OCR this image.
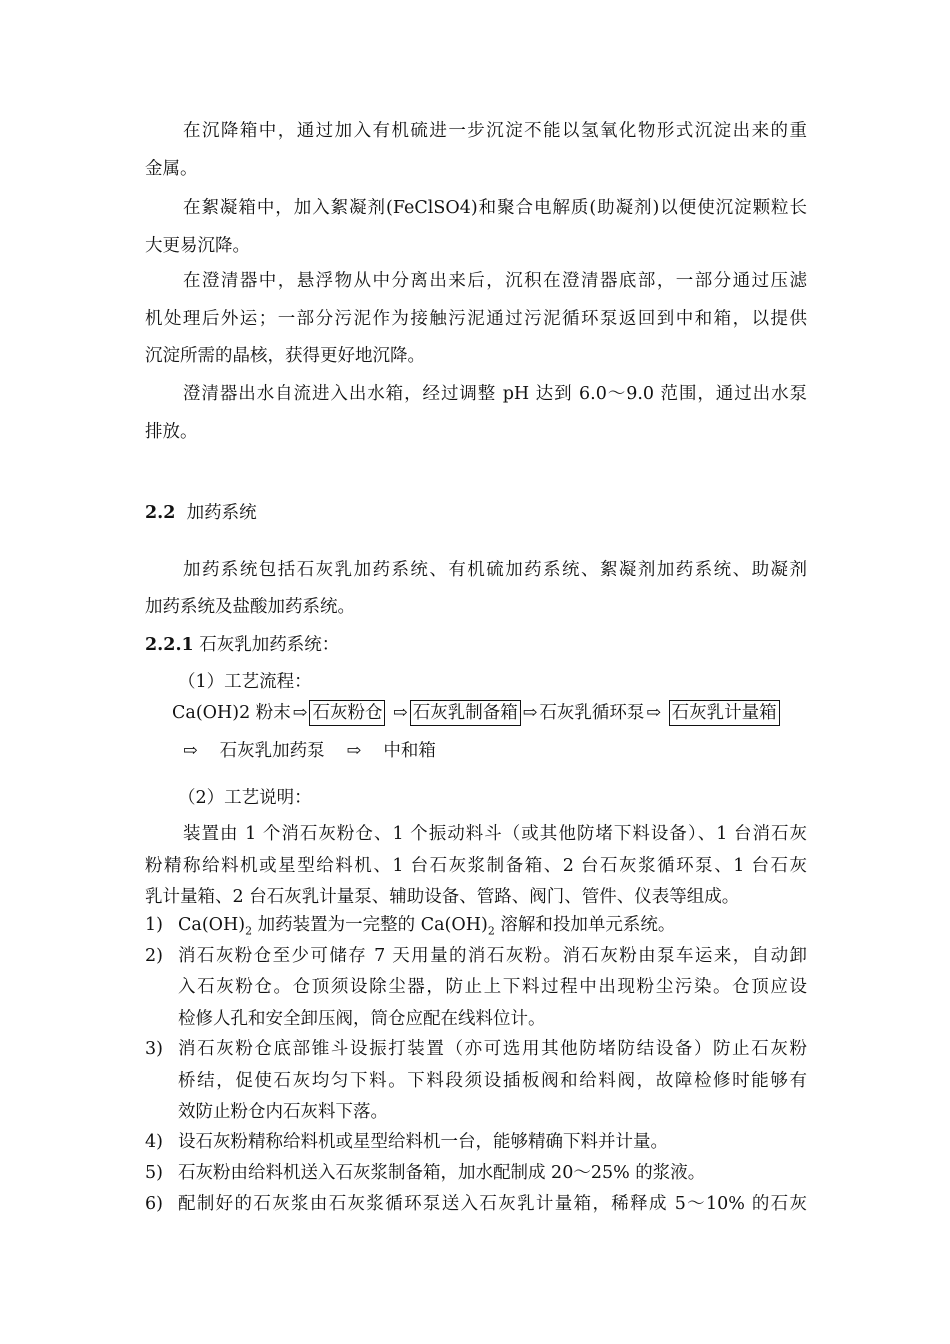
在沉降箱中，通过加入有机硫进一步沉淀不能以氢氧化物形式沉淀出来的重
金属。
在絮凝箱中，加入絮凝剂(FeClSO4)和聚合电解质(助凝剂)以便使沉淀颗粒长
大更易沉降。
在澄清器中，悬浮物从中分离出来后，沉积在澄清器底部，一部分通过压滤
机处理后外运；一部分污泥作为接触污泥通过污泥循环泵返回到中和箱，以提供
沉淀所需的晶核，获得更好地沉降。
澄清器出水自流进入出水箱，经过调整 pH 达到 6.0～9.0 范围，通过出水泵
排放。
2.2 加药系统
加药系统包括石灰乳加药系统、有机硫加药系统、絮凝剂加药系统、助凝剂
加药系统及盐酸加药系统。
2.2.1 石灰乳加药系统：
（1）工艺流程：
Ca(OH)2 粉末 ⇨ 石灰粉仓 ⇨ 石灰乳制备箱 ⇨ 石灰乳循环泵 ⇨ 石灰乳计量箱
⇨ 石灰乳加药泵 ⇨ 中和箱
（2）工艺说明：
装置由 1 个消石灰粉仓、1 个振动料斗（或其他防堵下料设备）、1 台消石灰
粉精称给料机或星型给料机、1 台石灰浆制备箱、2 台石灰浆循环泵、1 台石灰
乳计量箱、2 台石灰乳计量泵、辅助设备、管路、阀门、管件、仪表等组成。
1) $Ca(OH)_2$ 加药装置为一完整的 $Ca(OH)_2$ 溶解和投加单元系统。
2) 消石灰粉仓至少可储存 7 天用量的消石灰粉。消石灰粉由泵车运来，自动卸
入石灰粉仓。仓顶须设除尘器，防止上下料过程中出现粉尘污染。仓顶应设
检修人孔和安全卸压阀，筒仓应配在线料位计。
3) 消石灰粉仓底部锥斗设振打装置（亦可选用其他防堵防结设备）防止石灰粉
桥结，促使石灰均匀下料。下料段须设插板阀和给料阀，故障检修时能够有
效防止粉仓内石灰料下落。
4) 设石灰粉精称给料机或星型给料机一台，能够精确下料并计量。
5) 石灰粉由给料机送入石灰浆制备箱，加水配制成 20～25% 的浆液。
6) 配制好的石灰浆由石灰浆循环泵送入石灰乳计量箱，稀释成 5～10% 的石灰
